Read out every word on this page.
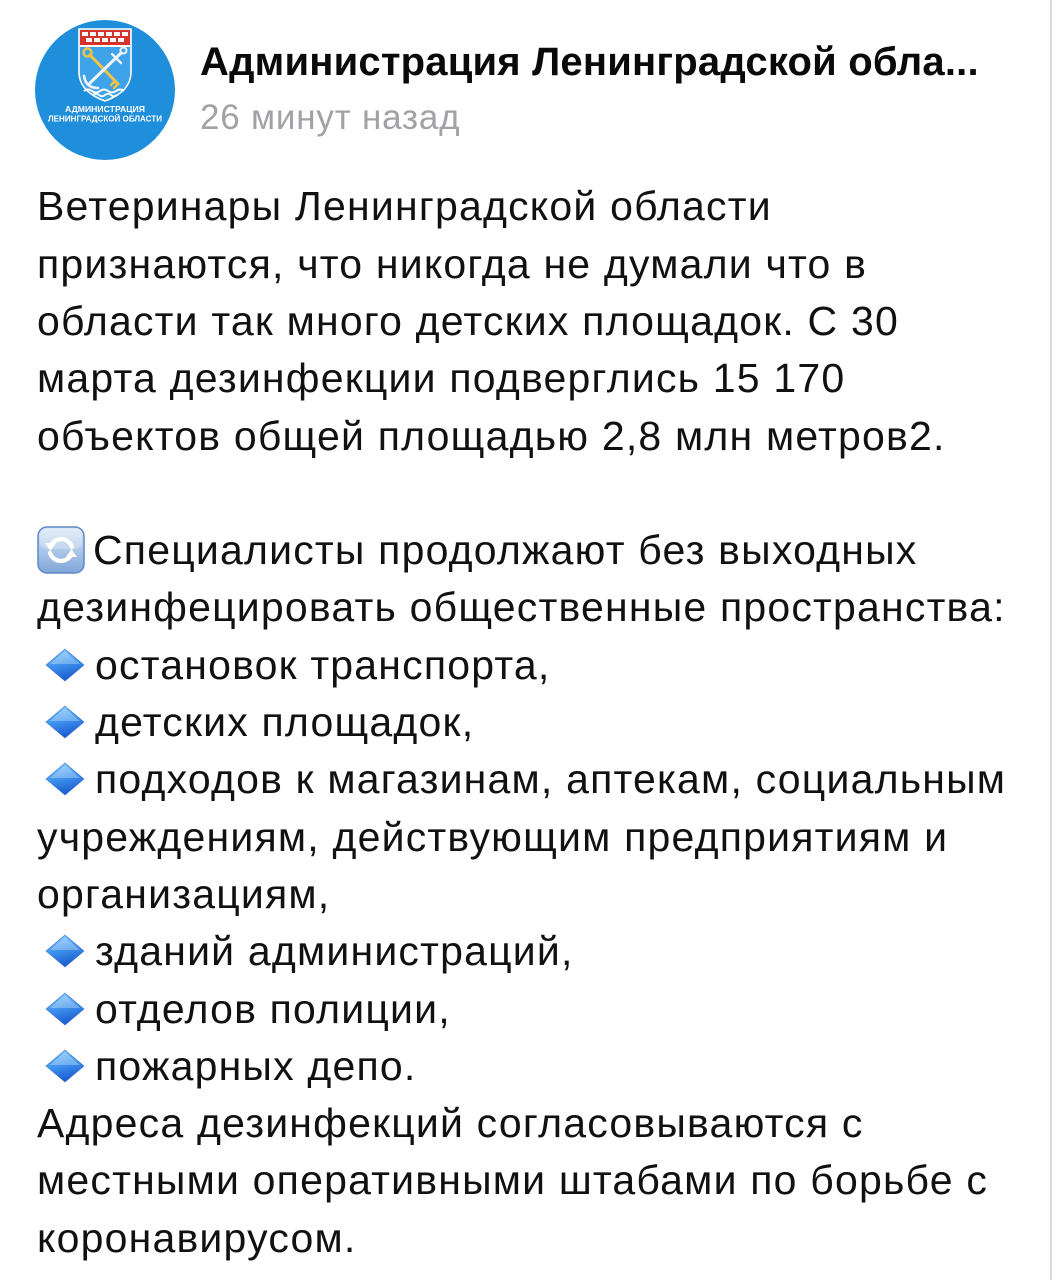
АДМИНИСТРАЦИЯ
ЛЕНИНГРАДСКОЙ ОБЛАСТИ
Администрация Ленинградской обла...
26 минут назад
Ветеринары Ленинградской области
признаются, что никогда не думали что в
области так много детских площадок. С 30
марта дезинфекции подверглись 15 170
объектов общей площадью 2,8 млн метров2.
Специалисты продолжают без выходных
дезинфецировать общественные пространства:
остановок транспорта,
детских площадок,
подходов к магазинам, аптекам, социальным
учреждениям, действующим предприятиям и
организациям,
зданий администраций,
отделов полиции,
пожарных депо.
Адреса дезинфекций согласовываются с
местными оперативными штабами по борьбе с
коронавирусом.
